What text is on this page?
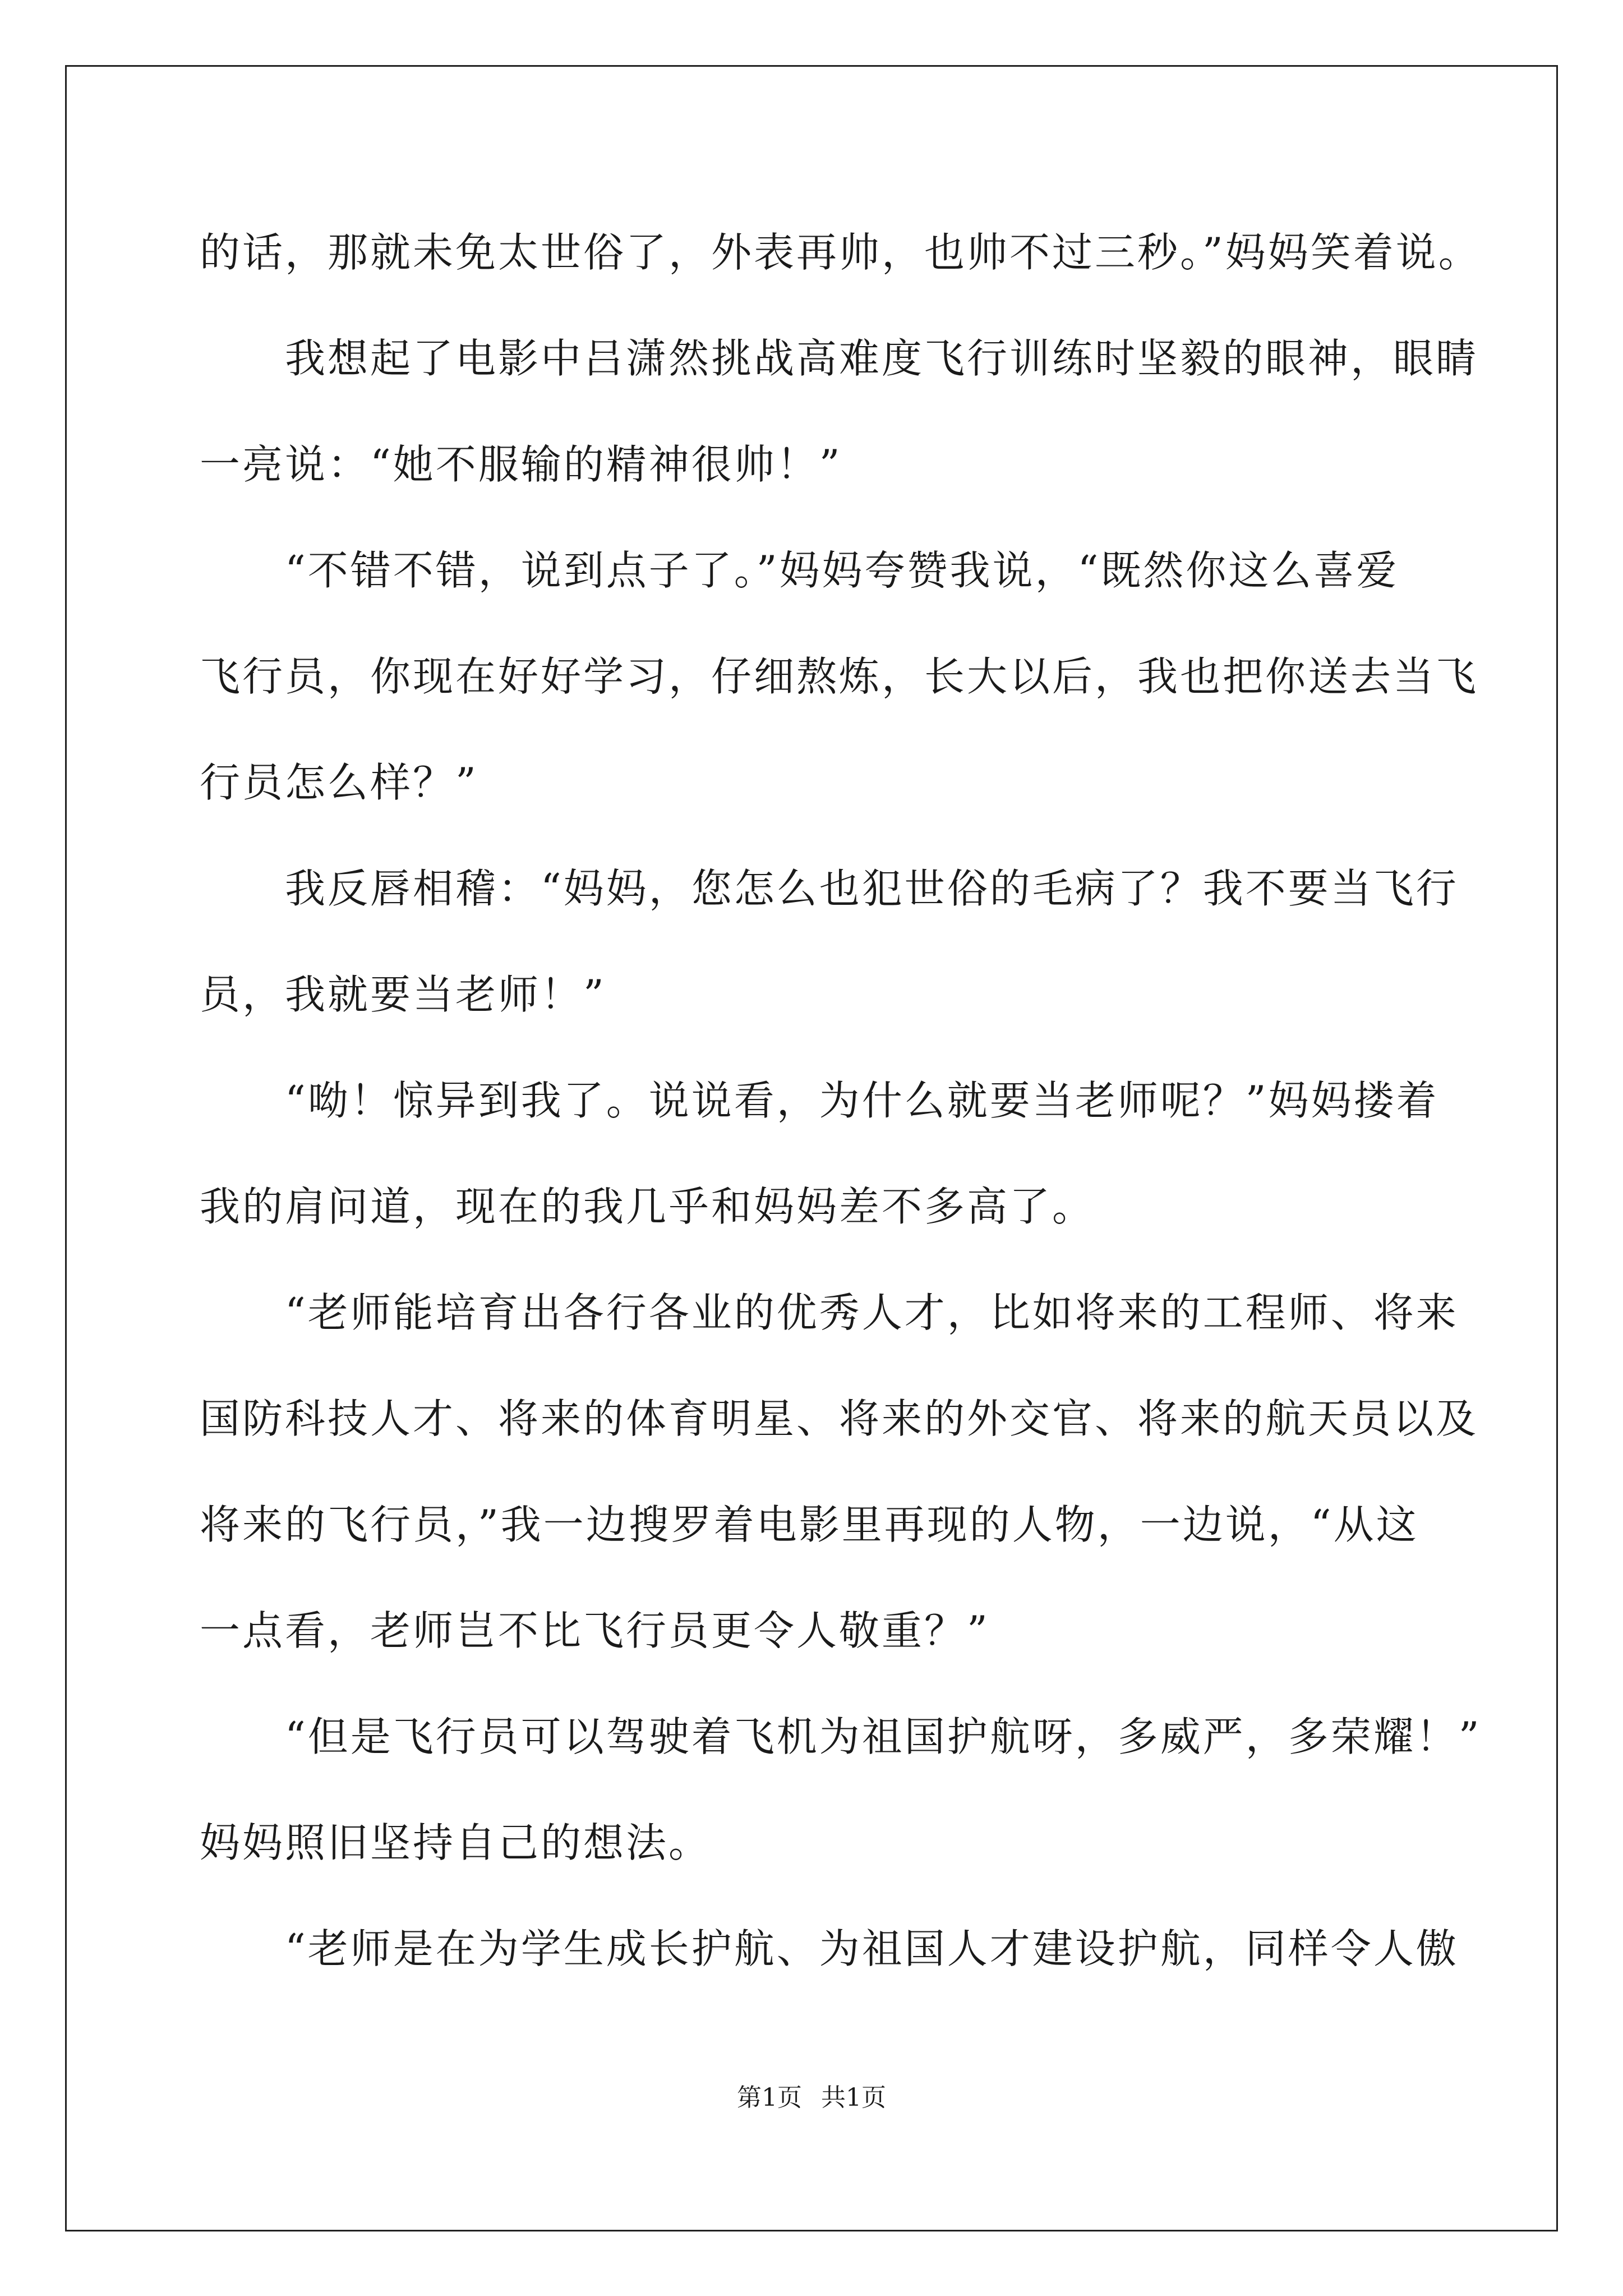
的话，那就未免太世俗了，外表再帅，也帅不过三秒。”妈妈笑着说。

　　我想起了电影中吕潇然挑战高难度飞行训练时坚毅的眼神，眼睛

一亮说：“她不服输的精神很帅！”

　　“不错不错，说到点子了。”妈妈夸赞我说，“既然你这么喜爱

飞行员，你现在好好学习，仔细熬炼，长大以后，我也把你送去当飞

行员怎么样？”

　　我反唇相稽：“妈妈，您怎么也犯世俗的毛病了？我不要当飞行

员，我就要当老师！”

　　“呦！惊异到我了。说说看，为什么就要当老师呢？”妈妈搂着

我的肩问道，现在的我几乎和妈妈差不多高了。

　　“老师能培育出各行各业的优秀人才，比如将来的工程师、将来

国防科技人才、将来的体育明星、将来的外交官、将来的航天员以及

将来的飞行员，”我一边搜罗着电影里再现的人物，一边说，“从这

一点看，老师岂不比飞行员更令人敬重？”

　　“但是飞行员可以驾驶着飞机为祖国护航呀，多威严，多荣耀！”

妈妈照旧坚持自己的想法。

　　“老师是在为学生成长护航、为祖国人才建设护航，同样令人傲

第1页 共1页
